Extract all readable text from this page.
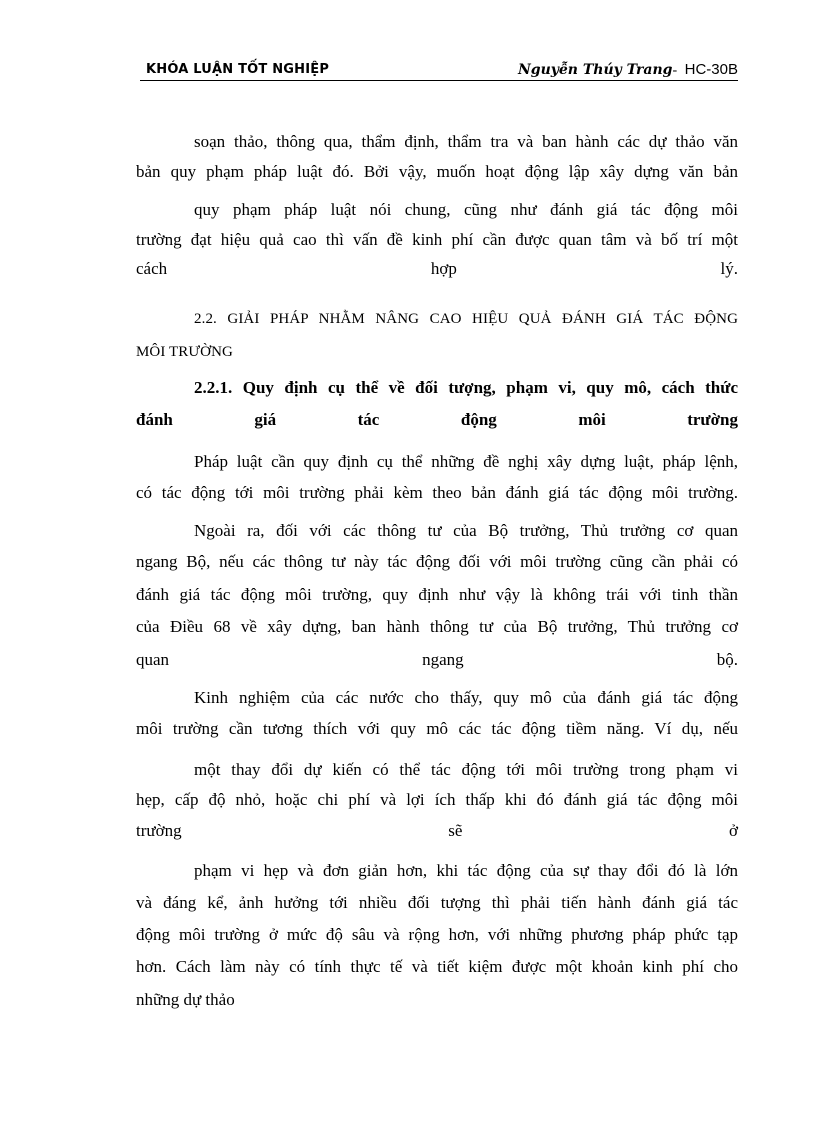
KHÓA LUẬN TỐT NGHIỆP	Nguyễn Thúy Trang- HC-30B
soạn thảo, thông qua, thẩm định, thẩm tra và ban hành các dự thảo văn
bản quy phạm pháp luật đó. Bởi vậy, muốn hoạt động lập xây dựng văn bản
quy phạm pháp luật nói chung, cũng như đánh giá tác động môi
trường đạt hiệu quả cao thì vấn đề kinh phí cần được quan tâm và bố trí một
cách	hợp	lý.
2.2. GIẢI PHÁP NHẰM NÂNG CAO HIỆU QUẢ ĐÁNH GIÁ TÁC ĐỘNG
MÔI TRƯỜNG
2.2.1. Quy định cụ thể về đối tượng, phạm vi, quy mô, cách thức
đánh	giá	tác	động	môi	trường
Pháp luật cần quy định cụ thể những đề nghị xây dựng luật, pháp lệnh,
có tác động tới môi trường phải kèm theo bản đánh giá tác động môi trường.
Ngoài ra, đối với các thông tư của Bộ trưởng, Thủ trưởng cơ quan
ngang Bộ, nếu các thông tư này tác động đối với môi trường cũng cần phải có
đánh giá tác động môi trường, quy định như vậy là không trái với tinh thần
của Điều 68 về xây dựng, ban hành thông tư của Bộ trưởng, Thủ trưởng cơ
quan	ngang	bộ.
Kinh nghiệm của các nước cho thấy, quy mô của đánh giá tác động
môi trường cần tương thích với quy mô các tác động tiềm năng. Ví dụ, nếu
một thay đổi dự kiến có thể tác động tới môi trường trong phạm vi
hẹp, cấp độ nhỏ, hoặc chi phí và lợi ích thấp khi đó đánh giá tác động môi
trường	sẽ	ở
phạm vi hẹp và đơn giản hơn, khi tác động của sự thay đổi đó là lớn
và đáng kể, ảnh hưởng tới nhiều đối tượng thì phải tiến hành đánh giá tác
động môi trường ở mức độ sâu và rộng hơn, với những phương pháp phức tạp
hơn. Cách làm này có tính thực tế và tiết kiệm được một khoản kinh phí cho
những dự thảo
